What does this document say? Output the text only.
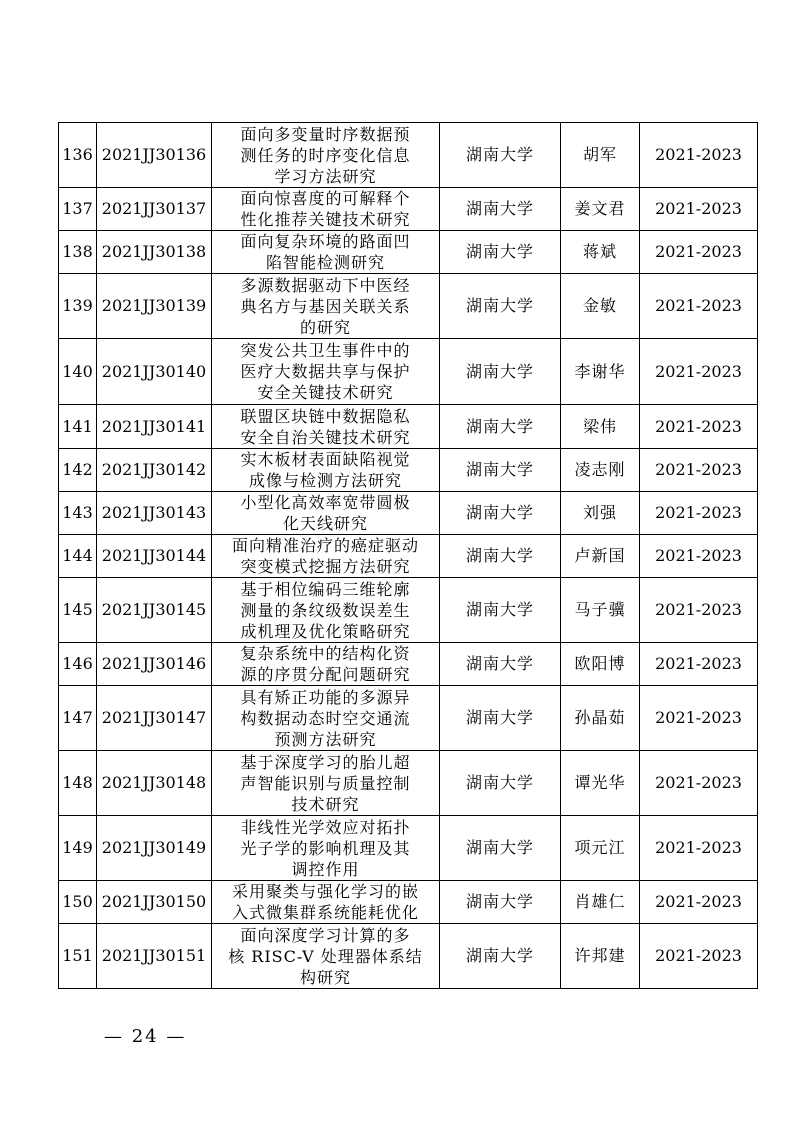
136	2021JJ30136	面向多变量时序数据预
测任务的时序变化信息
学习方法研究	湖南大学	胡军	2021-2023
137	2021JJ30137	面向惊喜度的可解释个
性化推荐关键技术研究	湖南大学	姜文君	2021-2023
138	2021JJ30138	面向复杂环境的路面凹
陷智能检测研究	湖南大学	蒋斌	2021-2023
139	2021JJ30139	多源数据驱动下中医经
典名方与基因关联关系
的研究	湖南大学	金敏	2021-2023
140	2021JJ30140	突发公共卫生事件中的
医疗大数据共享与保护
安全关键技术研究	湖南大学	李谢华	2021-2023
141	2021JJ30141	联盟区块链中数据隐私
安全自治关键技术研究	湖南大学	梁伟	2021-2023
142	2021JJ30142	实木板材表面缺陷视觉
成像与检测方法研究	湖南大学	凌志刚	2021-2023
143	2021JJ30143	小型化高效率宽带圆极
化天线研究	湖南大学	刘强	2021-2023
144	2021JJ30144	面向精准治疗的癌症驱动
突变模式挖掘方法研究	湖南大学	卢新国	2021-2023
145	2021JJ30145	基于相位编码三维轮廓
测量的条纹级数误差生
成机理及优化策略研究	湖南大学	马子骥	2021-2023
146	2021JJ30146	复杂系统中的结构化资
源的序贯分配问题研究	湖南大学	欧阳博	2021-2023
147	2021JJ30147	具有矫正功能的多源异
构数据动态时空交通流
预测方法研究	湖南大学	孙晶茹	2021-2023
148	2021JJ30148	基于深度学习的胎儿超
声智能识别与质量控制
技术研究	湖南大学	谭光华	2021-2023
149	2021JJ30149	非线性光学效应对拓扑
光子学的影响机理及其
调控作用	湖南大学	项元江	2021-2023
150	2021JJ30150	采用聚类与强化学习的嵌
入式微集群系统能耗优化	湖南大学	肖雄仁	2021-2023
151	2021JJ30151	面向深度学习计算的多
核 RISC-V 处理器体系结
构研究	湖南大学	许邦建	2021-2023
— 24 —
